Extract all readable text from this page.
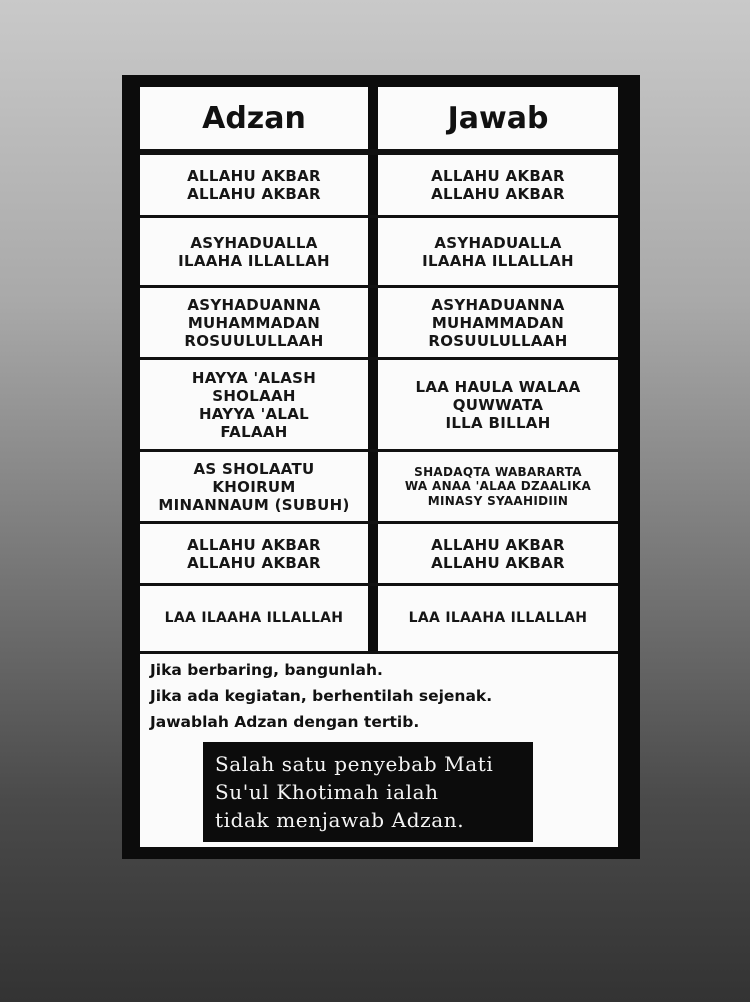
Adzan	Jawab
ALLAHU AKBAR
ALLAHU AKBAR
ALLAHU AKBAR
ALLAHU AKBAR
ASYHADUALLA
ILAAHA ILLALLAH
ASYHADUALLA
ILAAHA ILLALLAH
ASYHADUANNA
MUHAMMADAN
ROSUULULLAAH
ASYHADUANNA
MUHAMMADAN
ROSUULULLAAH
HAYYA 'ALASH
SHOLAAH
HAYYA 'ALAL
FALAAH
LAA HAULA WALAA
QUWWATA
ILLA BILLAH
AS SHOLAATU
KHOIRUM
MINANNAUM (SUBUH)
SHADAQTA WABARARTA
WA ANAA 'ALAA DZAALIKA
MINASY SYAAHIDIIN
ALLAHU AKBAR
ALLAHU AKBAR
ALLAHU AKBAR
ALLAHU AKBAR
LAA ILAAHA ILLALLAH	LAA ILAAHA ILLALLAH
Jika berbaring, bangunlah.
Jika ada kegiatan, berhentilah sejenak.
Jawablah Adzan dengan tertib.
Salah satu penyebab Mati
Su'ul Khotimah ialah
tidak menjawab Adzan.
